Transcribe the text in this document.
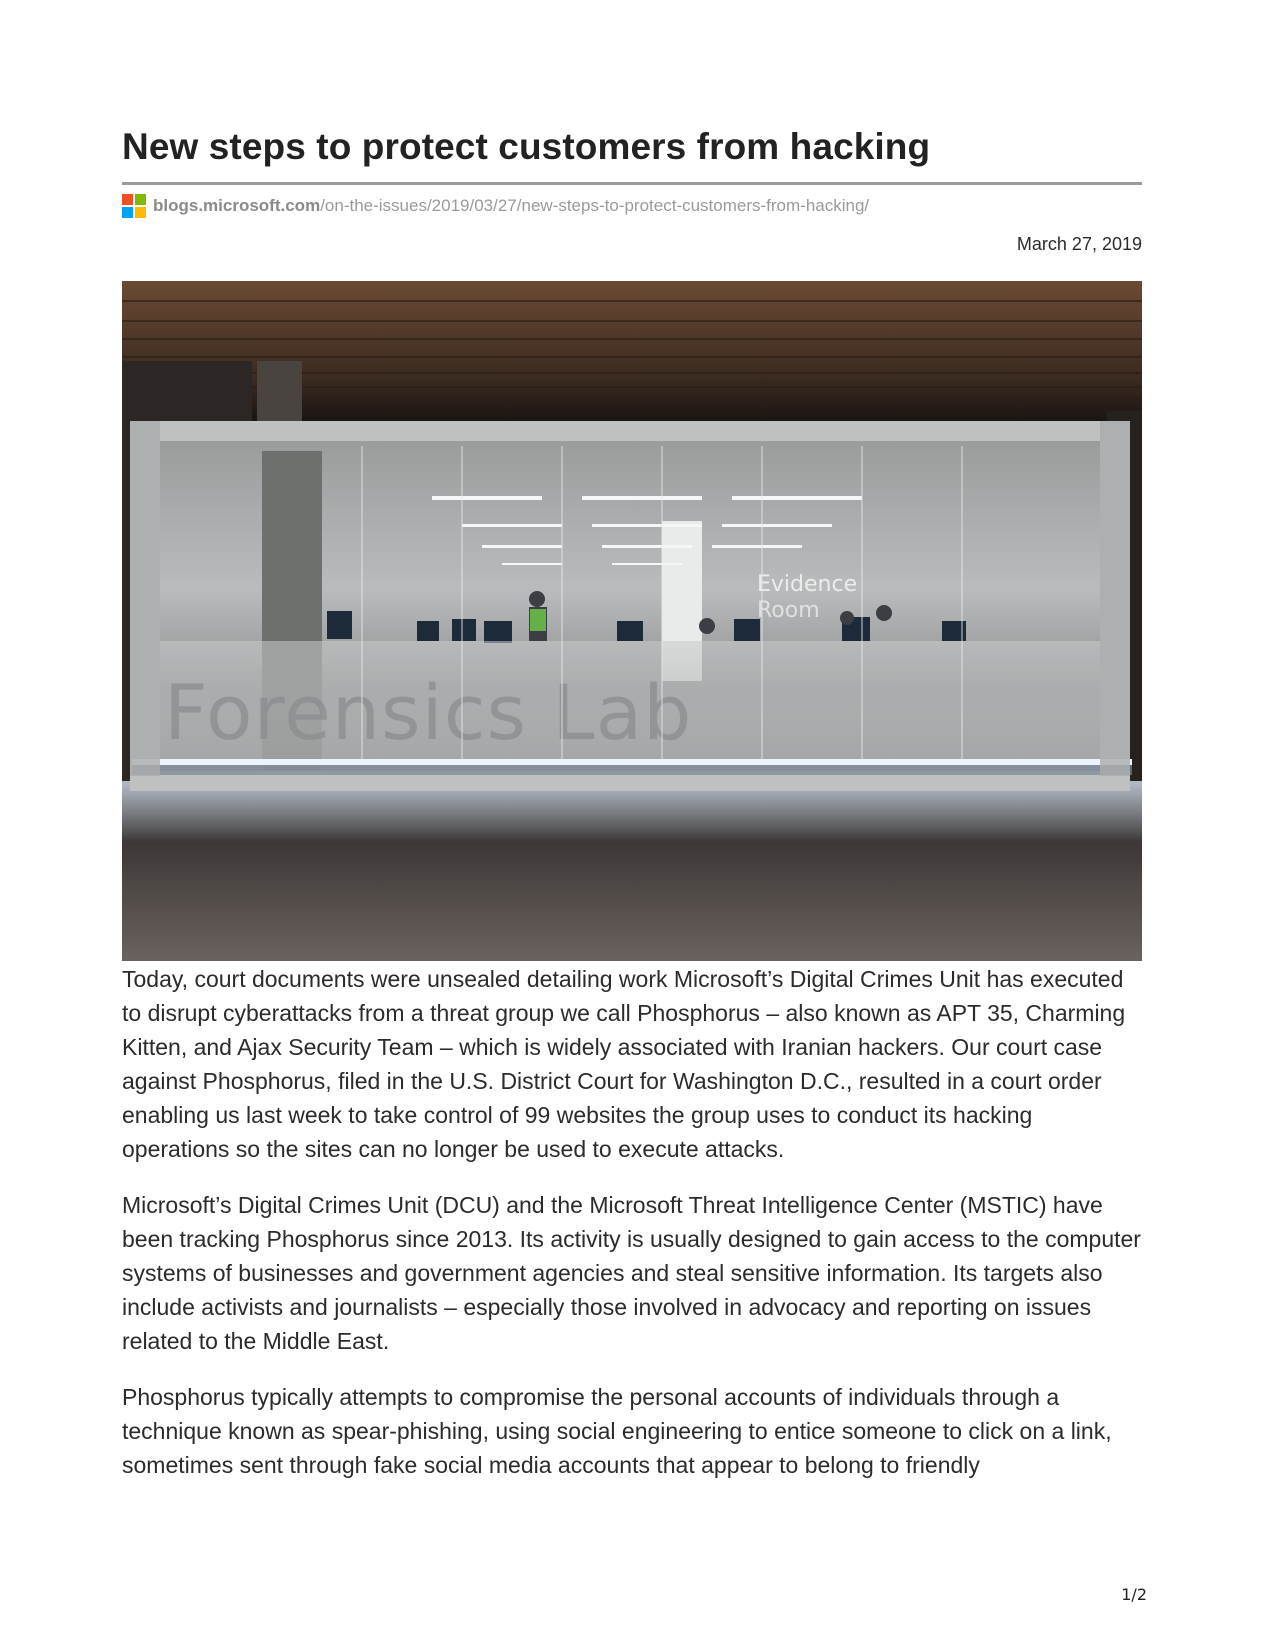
New steps to protect customers from hacking
blogs.microsoft.com /on-the-issues/2019/03/27/new-steps-to-protect-customers-from-hacking/
March 27, 2019
Evidence
Room
Forensics Lab

Today, court documents were unsealed detailing work Microsoft’s Digital Crimes Unit has executed to disrupt cyberattacks from a threat group we call Phosphorus – also known as APT 35, Charming Kitten, and Ajax Security Team – which is widely associated with Iranian hackers. Our court case against Phosphorus, filed in the U.S. District Court for Washington D.C., resulted in a court order enabling us last week to take control of 99 websites the group uses to conduct its hacking operations so the sites can no longer be used to execute attacks.

Microsoft’s Digital Crimes Unit (DCU) and the Microsoft Threat Intelligence Center (MSTIC) have been tracking Phosphorus since 2013. Its activity is usually designed to gain access to the computer systems of businesses and government agencies and steal sensitive information. Its targets also include activists and journalists – especially those involved in advocacy and reporting on issues related to the Middle East.

Phosphorus typically attempts to compromise the personal accounts of individuals through a technique known as spear-phishing, using social engineering to entice someone to click on a link, sometimes sent through fake social media accounts that appear to belong to friendly

1/2
